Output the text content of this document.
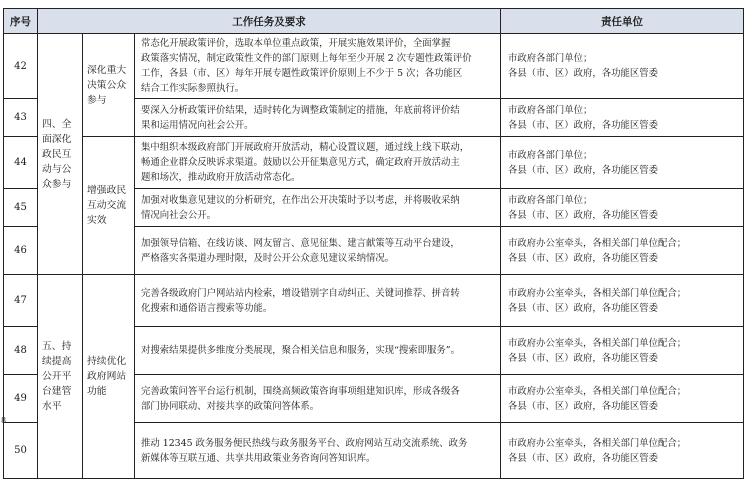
序号	工作任务及要求			责任单位
42	四、全
面深化
政民互
动与公
众参与	深化重大
决策公众
参与	常态化开展政策评价，选取本单位重点政策，开展实施效果评价，全面掌握
政策落实情况，制定政策性文件的部门原则上每年至少开展 2 次专题性政策评价
工作，各县（市、区）每年开展专题性政策评价原则上不少于 5 次；各功能区
结合工作实际参照执行。	市政府各部门单位；
各县（市、区）政府，各功能区管委

43			要深入分析政策评价结果，适时转化为调整政策制定的措施，年底前将评价结
果和运用情况向社会公开。	市政府各部门单位；
各县（市、区）政府，各功能区管委

44		增强政民
互动交流
实效	集中组织本级政府部门开展政府开放活动，精心设置议题，通过线上线下联动，
畅通企业群众反映诉求渠道。鼓励以公开征集意见方式，确定政府开放活动主
题和场次，推动政府开放活动常态化。	市政府各部门单位；
各县（市、区）政府，各功能区管委

45			加强对收集意见建议的分析研究，在作出公开决策时予以考虑，并将吸收采纳
情况向社会公开。	市政府各部门单位；
各县（市、区）政府，各功能区管委

46			加强领导信箱、在线访谈、网友留言、意见征集、建言献策等互动平台建设，
严格落实各渠道办理时限，及时公开公众意见建议采纳情况。	市政府办公室牵头，各相关部门单位配合；
各县（市、区）政府，各功能区管委

47	五、持
续提高
公开平
台建管
水平	持续优化
政府网站
功能	完善各级政府门户网站站内检索，增设错别字自动纠正、关键词推荐、拼音转
化搜索和通俗语言搜索等功能。	市政府办公室牵头，各相关部门单位配合；
各县（市、区）政府，各功能区管委

48			对搜索结果提供多维度分类展现，聚合相关信息和服务，实现“搜索即服务”。	市政府办公室牵头，各相关部门单位配合；
各县（市、区）政府，各功能区管委

49			完善政策问答平台运行机制，围绕高频政策咨询事项组建知识库，形成各级各
部门协同联动、对接共享的政策问答体系。	市政府办公室牵头，各相关部门单位配合；
各县（市、区）政府，各功能区管委

50			推动 12345 政务服务便民热线与政务服务平台、政府网站互动交流系统、政务
新媒体等互联互通、共享共用政策业务咨询问答知识库。	市政府办公室牵头，各相关部门单位配合；
各县（市、区）政府，各功能区管委
8
